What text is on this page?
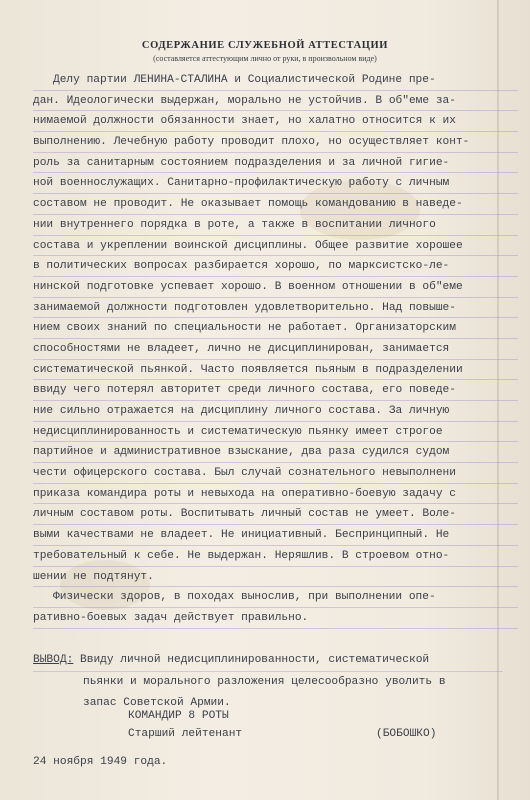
СОДЕРЖАНИЕ СЛУЖЕБНОЙ АТТЕСТАЦИИ
(составляется аттестующим лично от руки, в произвольном виде)
Делу партии ЛЕНИНА-СТАЛИНА и Социалистической Родине пре-
дан. Идеологически выдержан, морально не устойчив. В об"еме за-
нимаемой должности обязанности знает, но халатно относится к их
выполнению. Лечебную работу проводит плохо, но осуществляет конт-
роль за санитарным состоянием подразделения и за личной гигие-
ной военнослужащих. Санитарно-профилактическую работу с личным
составом не проводит. Не оказывает помощь командованию в наведе-
нии внутреннего порядка в роте, а также в воспитании личного
состава и укреплении воинской дисциплины. Общее развитие хорошее
в политических вопросах разбирается хорошо, по марксистско-ле-
нинской подготовке успевает хорошо. В военном отношении в об"еме
занимаемой должности подготовлен удовлетворительно. Над повыше-
нием своих знаний по специальности не работает. Организаторским
способностями не владеет, лично не дисциплинирован, занимается
систематической пьянкой. Часто появляется пьяным в подразделении
ввиду чего потерял авторитет среди личного состава, его поведе-
ние сильно отражается на дисциплину личного состава. За личную
недисциплинированность и систематическую пьянку имеет строгое
партийное и административное взыскание, два раза судился судом
чести офицерского состава. Был случай сознательного невыполнени
приказа командира роты и невыхода на оперативно-боевую задачу с
личным составом роты. Воспитывать личный состав не умеет. Воле-
выми качествами не владеет. Не инициативный. Беспринципный. Не
требовательный к себе. Не выдержан. Неряшлив. В строевом отно-
шении не подтянут.
Физически здоров, в походах вынослив, при выполнении опе-
ративно-боевых задач действует правильно.
ВЫВОД: Ввиду личной недисциплинированности, систематической
пьянки и морального разложения целесообразно уволить в
запас Советской Армии.
КОМАНДИР 8 РОТЫ
Старший лейтенант	(БОБОШКО)
24 ноября 1949 года.
